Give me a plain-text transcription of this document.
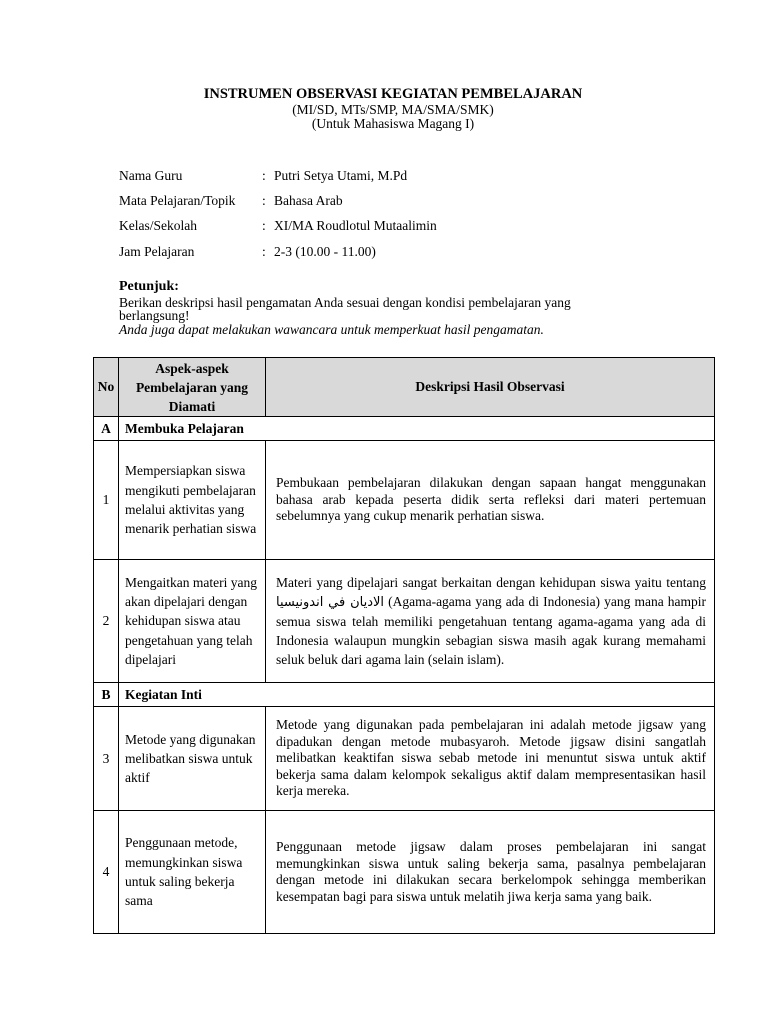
INSTRUMEN OBSERVASI KEGIATAN PEMBELAJARAN
(MI/SD, MTs/SMP, MA/SMA/SMK)
(Untuk Mahasiswa Magang I)
Nama Guru	:	Putri Setya Utami, M.Pd
Mata Pelajaran/Topik	:	Bahasa Arab
Kelas/Sekolah	:	XI/MA Roudlotul Mutaalimin
Jam Pelajaran	:	2-3 (10.00 - 11.00)
Petunjuk:
Berikan deskripsi hasil pengamatan Anda sesuai dengan kondisi pembelajaran yang berlangsung!
Anda juga dapat melakukan wawancara untuk memperkuat hasil pengamatan.
No	Aspek-aspek Pembelajaran yang Diamati	Deskripsi Hasil Observasi
A	Membuka Pelajaran	
1	Mempersiapkan siswa mengikuti pembelajaran melalui aktivitas yang menarik perhatian siswa	Pembukaan pembelajaran dilakukan dengan sapaan hangat menggunakan bahasa arab kepada peserta didik serta refleksi dari materi pertemuan sebelumnya yang cukup menarik perhatian siswa.
2	Mengaitkan materi yang akan dipelajari dengan kehidupan siswa atau pengetahuan yang telah dipelajari	Materi yang dipelajari sangat berkaitan dengan kehidupan siswa yaitu tentang الاديان في اندونيسيا (Agama-agama yang ada di Indonesia) yang mana hampir semua siswa telah memiliki pengetahuan tentang agama-agama yang ada di Indonesia walaupun mungkin sebagian siswa masih agak kurang memahami seluk beluk dari agama lain (selain islam).
B	Kegiatan Inti	
3	Metode yang digunakan melibatkan siswa untuk aktif	Metode yang digunakan pada pembelajaran ini adalah metode jigsaw yang dipadukan dengan metode mubasyaroh. Metode jigsaw disini sangatlah melibatkan keaktifan siswa sebab metode ini menuntut siswa untuk aktif bekerja sama dalam kelompok sekaligus aktif dalam mempresentasikan hasil kerja mereka.
4	Penggunaan metode, memungkinkan siswa untuk saling bekerja sama	Penggunaan metode jigsaw dalam proses pembelajaran ini sangat memungkinkan siswa untuk saling bekerja sama, pasalnya pembelajaran dengan metode ini dilakukan secara berkelompok sehingga memberikan kesempatan bagi para siswa untuk melatih jiwa kerja sama yang baik.
